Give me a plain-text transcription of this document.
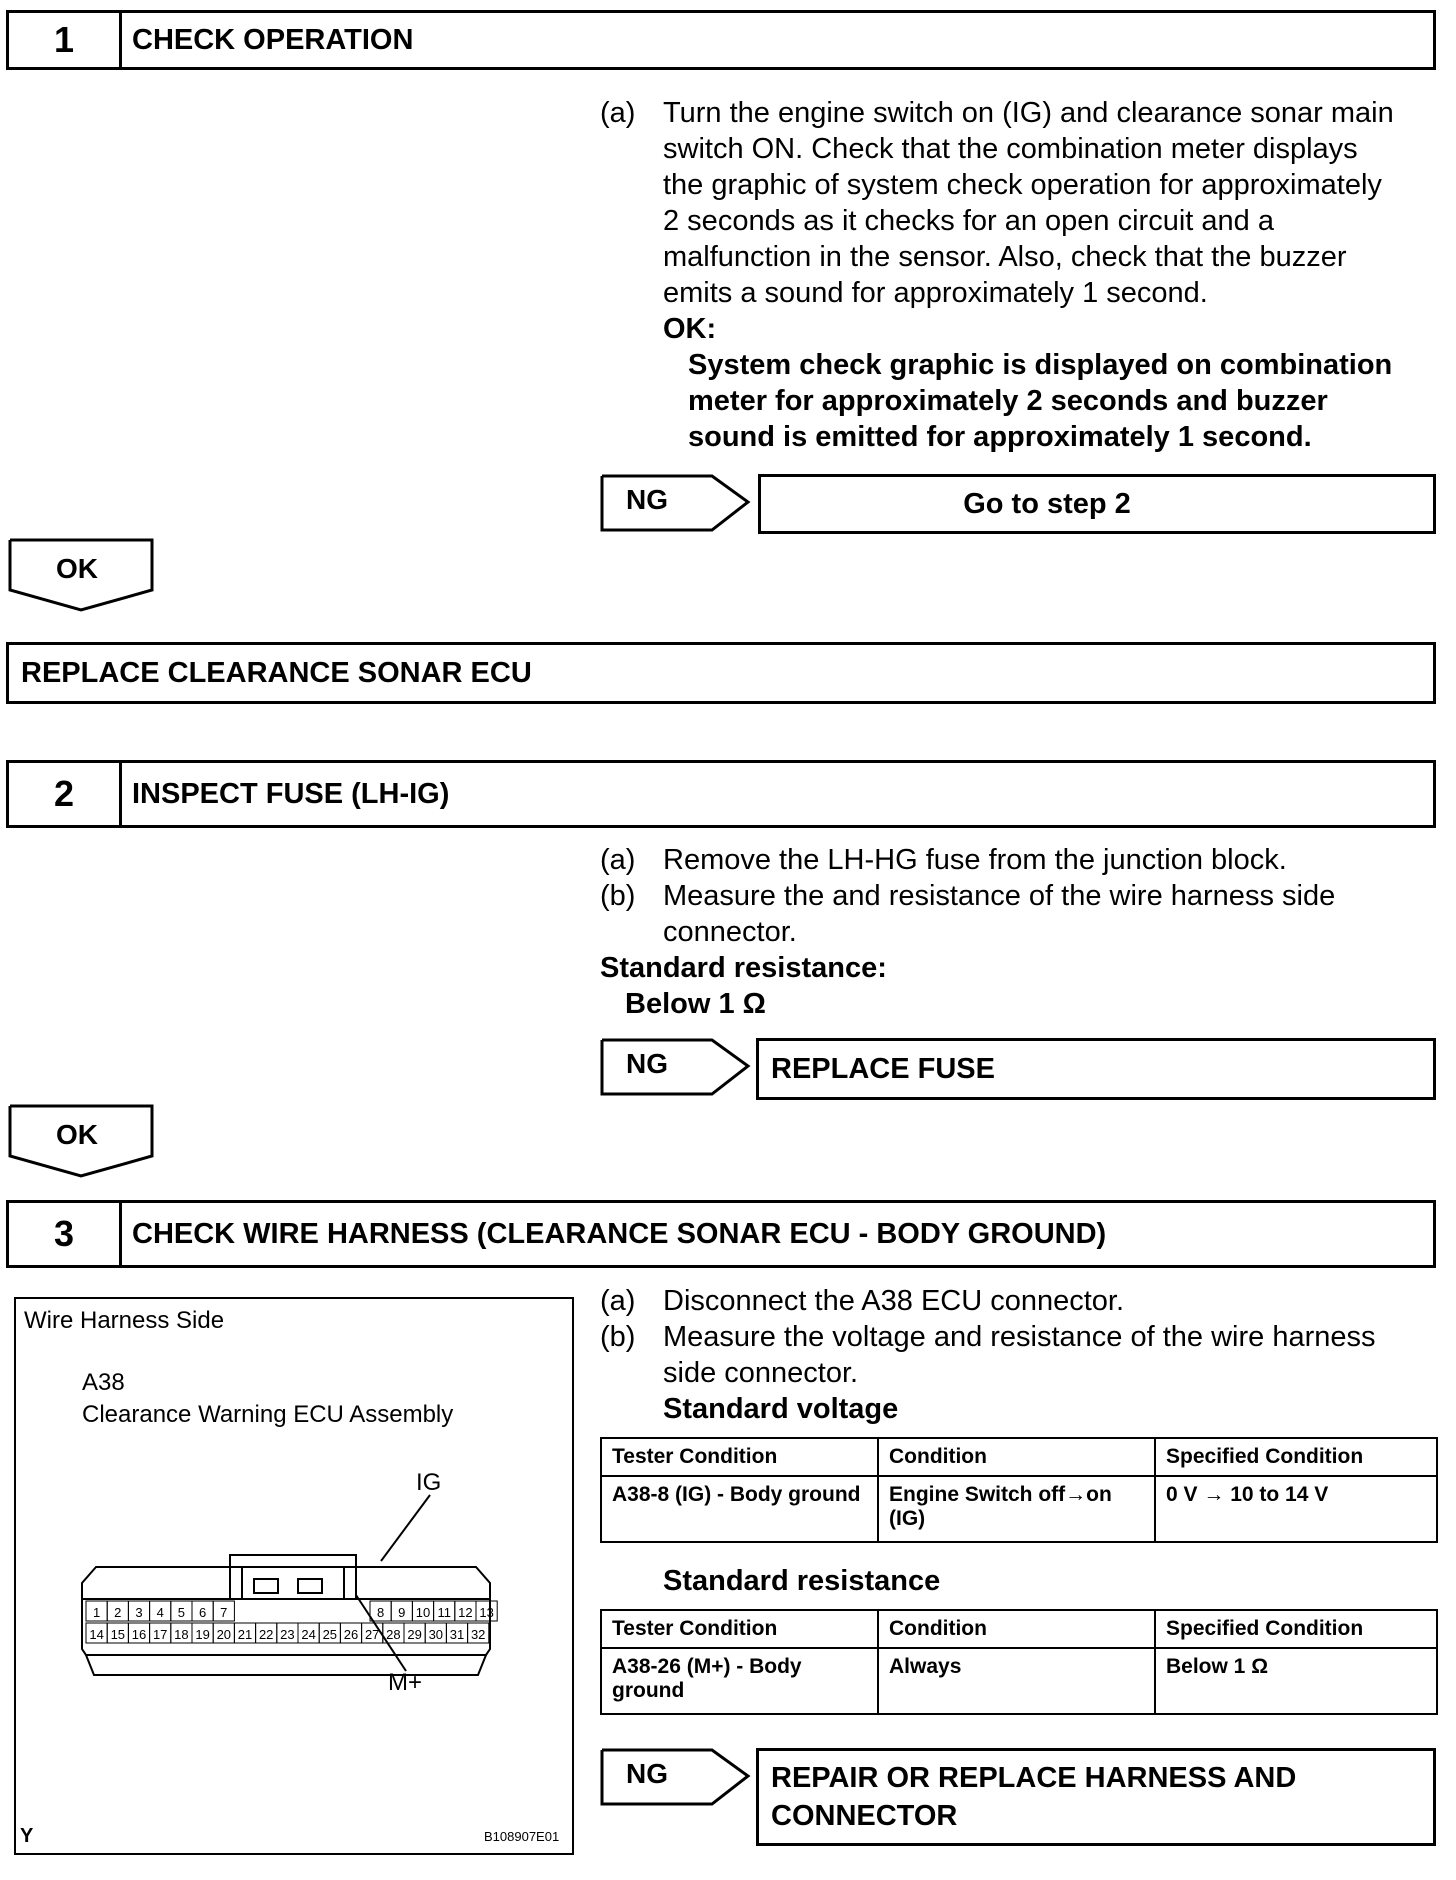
1	CHECK OPERATION
(a) Turn the engine switch on (IG) and clearance sonar main
switch ON. Check that the combination meter displays
the graphic of system check operation for approximately
2 seconds as it checks for an open circuit and a
malfunction in the sensor. Also, check that the buzzer
emits a sound for approximately 1 second.
OK:
System check graphic is displayed on combination
meter for approximately 2 seconds and buzzer
sound is emitted for approximately 1 second.
NG	Go to step 2
OK
REPLACE CLEARANCE SONAR ECU
2	INSPECT FUSE (LH-IG)
(a) Remove the LH-HG fuse from the junction block.
(b) Measure the and resistance of the wire harness side
connector.
Standard resistance:
Below 1 Ω
NG	REPLACE FUSE
OK
3	CHECK WIRE HARNESS (CLEARANCE SONAR ECU - BODY GROUND)
Wire Harness Side
A38
Clearance Warning ECU Assembly
IG
M+
Y	B108907E01
1 2 3 4 5 6 7	8 9 10 11 12 13
14 15 16 17 18 19 20 21 22 23 24 25 26 27 28 29 30 31 32
(a) Disconnect the A38 ECU connector.
(b) Measure the voltage and resistance of the wire harness
side connector.
Standard voltage
Tester Condition	Condition	Specified Condition
A38-8 (IG) - Body ground	Engine Switch off→on (IG)	0 V → 10 to 14 V
Standard resistance
Tester Condition	Condition	Specified Condition
A38-26 (M+) - Body ground	Always	Below 1 Ω
NG	REPAIR OR REPLACE HARNESS AND
CONNECTOR
